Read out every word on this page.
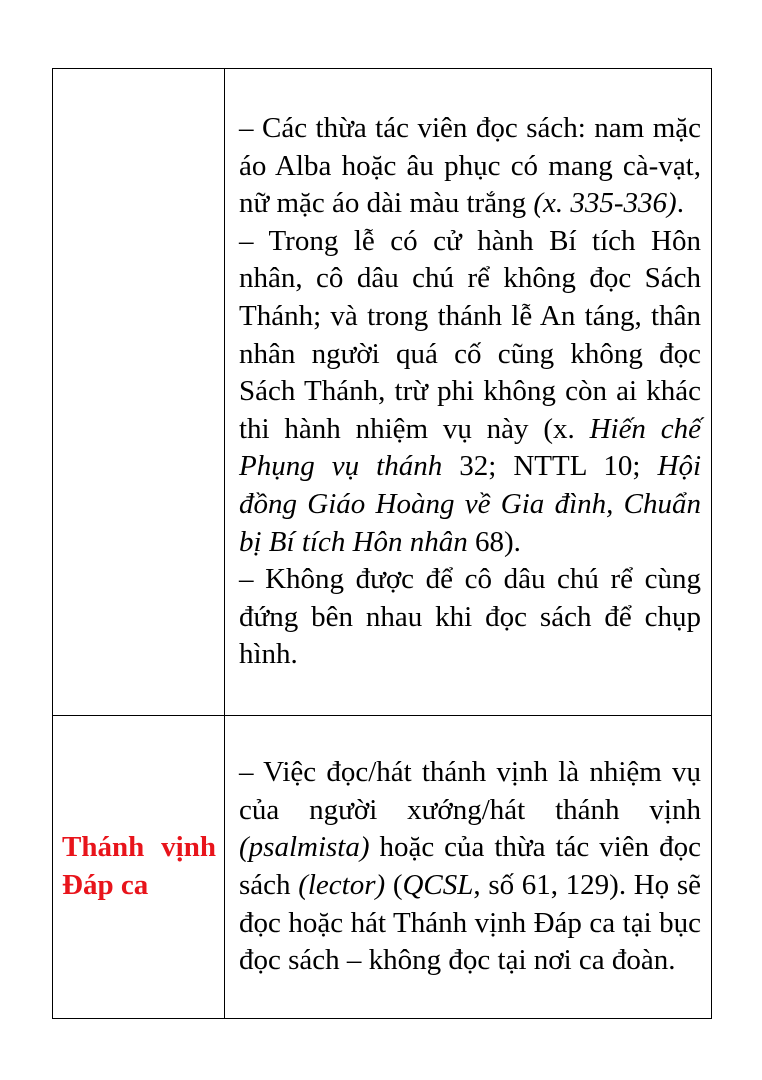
	– Các thừa tác viên đọc sách: nam mặc áo Alba hoặc âu phục có mang cà-vạt, nữ mặc áo dài màu trắng (x. 335-336).

– Trong lễ có cử hành Bí tích Hôn nhân, cô dâu chú rể không đọc Sách Thánh; và trong thánh lễ An táng, thân nhân người quá cố cũng không đọc Sách Thánh, trừ phi không còn ai khác thi hành nhiệm vụ này (x. Hiến chế Phụng vụ thánh 32; NTTL 10; Hội đồng Giáo Hoàng về Gia đình, Chuẩn bị Bí tích Hôn nhân 68).

– Không được để cô dâu chú rể cùng đứng bên nhau khi đọc sách để chụp hình.

Thánh vịnh Đáp ca	– Việc đọc/hát thánh vịnh là nhiệm vụ của người xướng/hát thánh vịnh (psalmista) hoặc của thừa tác viên đọc sách (lector) (QCSL, số 61, 129). Họ sẽ đọc hoặc hát Thánh vịnh Đáp ca tại bục đọc sách – không đọc tại nơi ca đoàn.
